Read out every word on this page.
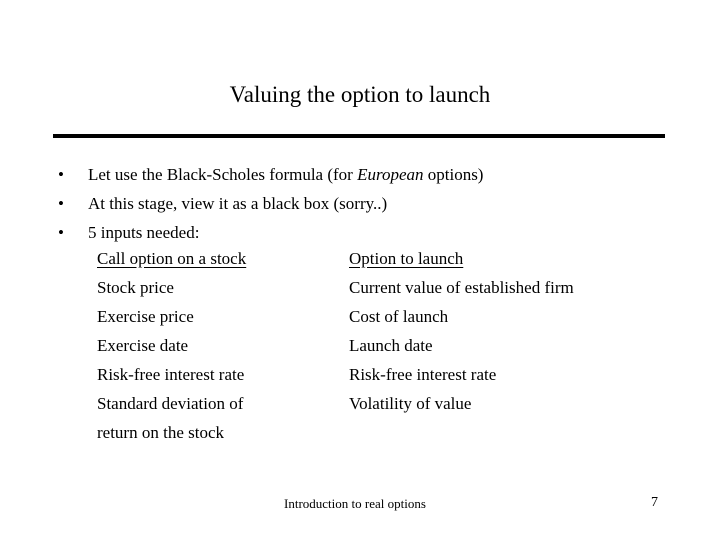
Valuing the option to launch
• Let use the Black-Scholes formula (for European options)
• At this stage, view it as a black box (sorry..)
• 5 inputs needed:
Call option on a stock
Stock price
Exercise price
Exercise date
Risk-free interest rate
Standard deviation of
return on the stock
Option to launch
Current value of established firm
Cost of launch
Launch date
Risk-free interest rate
Volatility of value
Introduction to real options	7
